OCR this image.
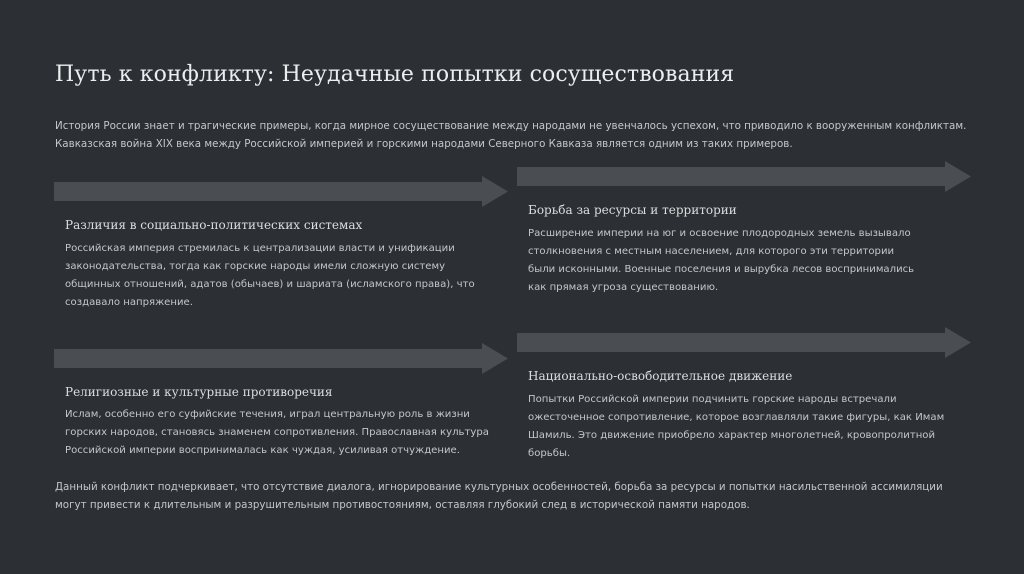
Путь к конфликту: Неудачные попытки сосуществования
История России знает и трагические примеры, когда мирное сосуществование между народами не увенчалось успехом, что приводило к вооруженным конфликтам. Кавказская война XIX века между Российской империей и горскими народами Северного Кавказа является одним из таких примеров.
Различия в социально-политических системах
Российская империя стремилась к централизации власти и унификации законодательства, тогда как горские народы имели сложную систему общинных отношений, адатов (обычаев) и шариата (исламского права), что создавало напряжение.
Борьба за ресурсы и территории
Расширение империи на юг и освоение плодородных земель вызывало столкновения с местным населением, для которого эти территории были исконными. Военные поселения и вырубка лесов воспринимались как прямая угроза существованию.
Религиозные и культурные противоречия
Ислам, особенно его суфийские течения, играл центральную роль в жизни горских народов, становясь знаменем сопротивления. Православная культура Российской империи воспринималась как чуждая, усиливая отчуждение.
Национально-освободительное движение
Попытки Российской империи подчинить горские народы встречали ожесточенное сопротивление, которое возглавляли такие фигуры, как Имам Шамиль. Это движение приобрело характер многолетней, кровопролитной борьбы.
Данный конфликт подчеркивает, что отсутствие диалога, игнорирование культурных особенностей, борьба за ресурсы и попытки насильственной ассимиляции могут привести к длительным и разрушительным противостояниям, оставляя глубокий след в исторической памяти народов.
